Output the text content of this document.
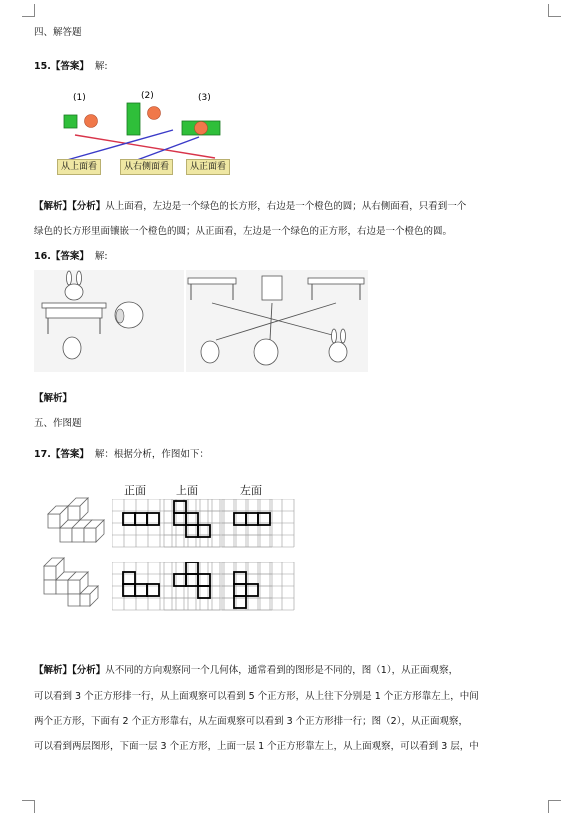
四、解答题
15.【答案】 解:
(1)	(2)	(3)
从上面看	从右侧面看	从正面看
【解析】【分析】从上面看，左边是一个绿色的长方形，右边是一个橙色的圆；从右侧面看，只看到一个
绿色的长方形里面镶嵌一个橙色的圆；从正面看，左边是一个绿色的正方形，右边是一个橙色的圆。
16.【答案】 解:
【解析】
五、作图题
17.【答案】 解：根据分析，作图如下：
正面	上面	左面
【解析】【分析】从不同的方向观察同一个几何体，通常看到的图形是不同的，图（1），从正面观察，
可以看到 3 个正方形排一行，从上面观察可以看到 5 个正方形，从上往下分别是 1 个正方形靠左上，中间
两个正方形，下面有 2 个正方形靠右，从左面观察可以看到 3 个正方形排一行；图（2），从正面观察，
可以看到两层图形，下面一层 3 个正方形，上面一层 1 个正方形靠左上，从上面观察，可以看到 3 层，中
